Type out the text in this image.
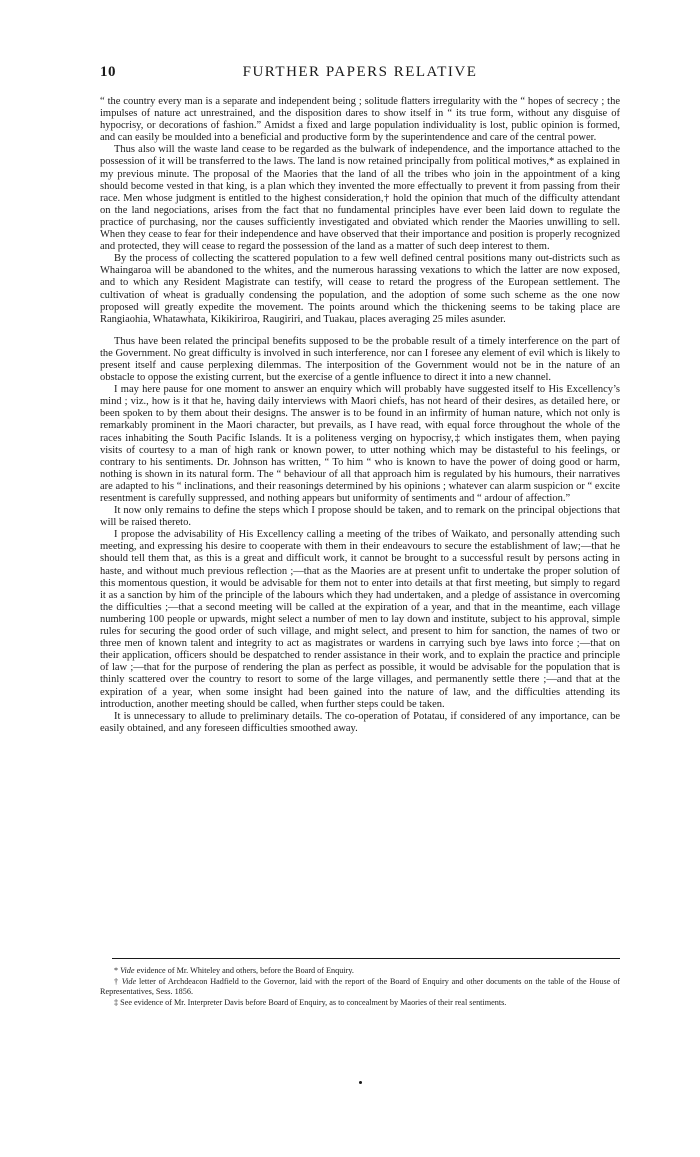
10	FURTHER PAPERS RELATIVE

“ the country every man is a separate and independent being ; solitude flatters irregularity with the “ hopes of secrecy ; the impulses of nature act unrestrained, and the disposition dares to show itself in “ its true form, without any disguise of hypocrisy, or decorations of fashion.” Amidst a fixed and large population individuality is lost, public opinion is formed, and can easily be moulded into a beneficial and productive form by the superintendence and care of the central power.

Thus also will the waste land cease to be regarded as the bulwark of independence, and the importance attached to the possession of it will be transferred to the laws. The land is now retained principally from political motives,* as explained in my previous minute. The proposal of the Maories that the land of all the tribes who join in the appointment of a king should become vested in that king, is a plan which they invented the more effectually to prevent it from passing from their race. Men whose judgment is entitled to the highest consideration,† hold the opinion that much of the difficulty attendant on the land negociations, arises from the fact that no fundamental principles have ever been laid down to regulate the practice of purchasing, nor the causes sufficiently investigated and obviated which render the Maories unwilling to sell. When they cease to fear for their independence and have observed that their importance and position is properly recognized and protected, they will cease to regard the possession of the land as a matter of such deep interest to them.

By the process of collecting the scattered population to a few well defined central positions many out-districts such as Whaingaroa will be abandoned to the whites, and the numerous harassing vexations to which the latter are now exposed, and to which any Resident Magistrate can testify, will cease to retard the progress of the European settlement. The cultivation of wheat is gradually condensing the population, and the adoption of some such scheme as the one now proposed will greatly expedite the movement. The points around which the thickening seems to be taking place are Rangiaohia, Whatawhata, Kikikirirоa, Raugiriri, and Tuakau, places averaging 25 miles asunder.

Thus have been related the principal benefits supposed to be the probable result of a timely interference on the part of the Government. No great difficulty is involved in such interference, nor can I foresee any element of evil which is likely to present itself and cause perplexing dilemmas. The interposition of the Government would not be in the nature of an obstacle to oppose the existing current, but the exercise of a gentle influence to direct it into a new channel.

I may here pause for one moment to answer an enquiry which will probably have suggested itself to His Excellency’s mind ; viz., how is it that he, having daily interviews with Maori chiefs, has not heard of their desires, as detailed here, or been spoken to by them about their designs. The answer is to be found in an infirmity of human nature, which not only is remarkably prominent in the Maori character, but prevails, as I have read, with equal force throughout the whole of the races inhabiting the South Pacific Islands. It is a politeness verging on hypocrisy,‡ which instigates them, when paying visits of courtesy to a man of high rank or known power, to utter nothing which may be distasteful to his feelings, or contrary to his sentiments. Dr. Johnson has written, “ To him “ who is known to have the power of doing good or harm, nothing is shown in its natural form. The “ behaviour of all that approach him is regulated by his humours, their narratives are adapted to his “ inclinations, and their reasonings determined by his opinions ; whatever can alarm suspicion or “ excite resentment is carefully suppressed, and nothing appears but uniformity of sentiments and “ ardour of affection.”

It now only remains to define the steps which I propose should be taken, and to remark on the principal objections that will be raised thereto.

I propose the advisability of His Excellency calling a meeting of the tribes of Waikato, and personally attending such meeting, and expressing his desire to cooperate with them in their endeavours to secure the establishment of law;—that he should tell them that, as this is a great and difficult work, it cannot be brought to a successful result by persons acting in haste, and without much previous reflection ;—that as the Maories are at present unfit to undertake the proper solution of this momentous question, it would be advisable for them not to enter into details at that first meeting, but simply to regard it as a sanction by him of the principle of the labours which they had undertaken, and a pledge of assistance in overcoming the difficulties ;—that a second meeting will be called at the expiration of a year, and that in the meantime, each village numbering 100 people or upwards, might select a number of men to lay down and institute, subject to his approval, simple rules for securing the good order of such village, and might select, and present to him for sanction, the names of two or three men of known talent and integrity to act as magistrates or wardens in carrying such bye laws into force ;—that on their application, officers should be despatched to render assistance in their work, and to explain the practice and principle of law ;—that for the purpose of rendering the plan as perfect as possible, it would be advisable for the population that is thinly scattered over the country to resort to some of the large villages, and permanently settle there ;—and that at the expiration of a year, when some insight had been gained into the nature of law, and the difficulties attending its introduction, another meeting should be called, when further steps could be taken.

It is unnecessary to allude to preliminary details. The co-operation of Potatau, if considered of any importance, can be easily obtained, and any foreseen difficulties smoothed away.

* Vide evidence of Mr. Whiteley and others, before the Board of Enquiry.

† Vide letter of Archdeacon Hadfield to the Governor, laid with the report of the Board of Enquiry and other documents on the table of the House of Representatives, Sess. 1856.

‡ See evidence of Mr. Interpreter Davis before Board of Enquiry, as to concealment by Maories of their real sentiments.
